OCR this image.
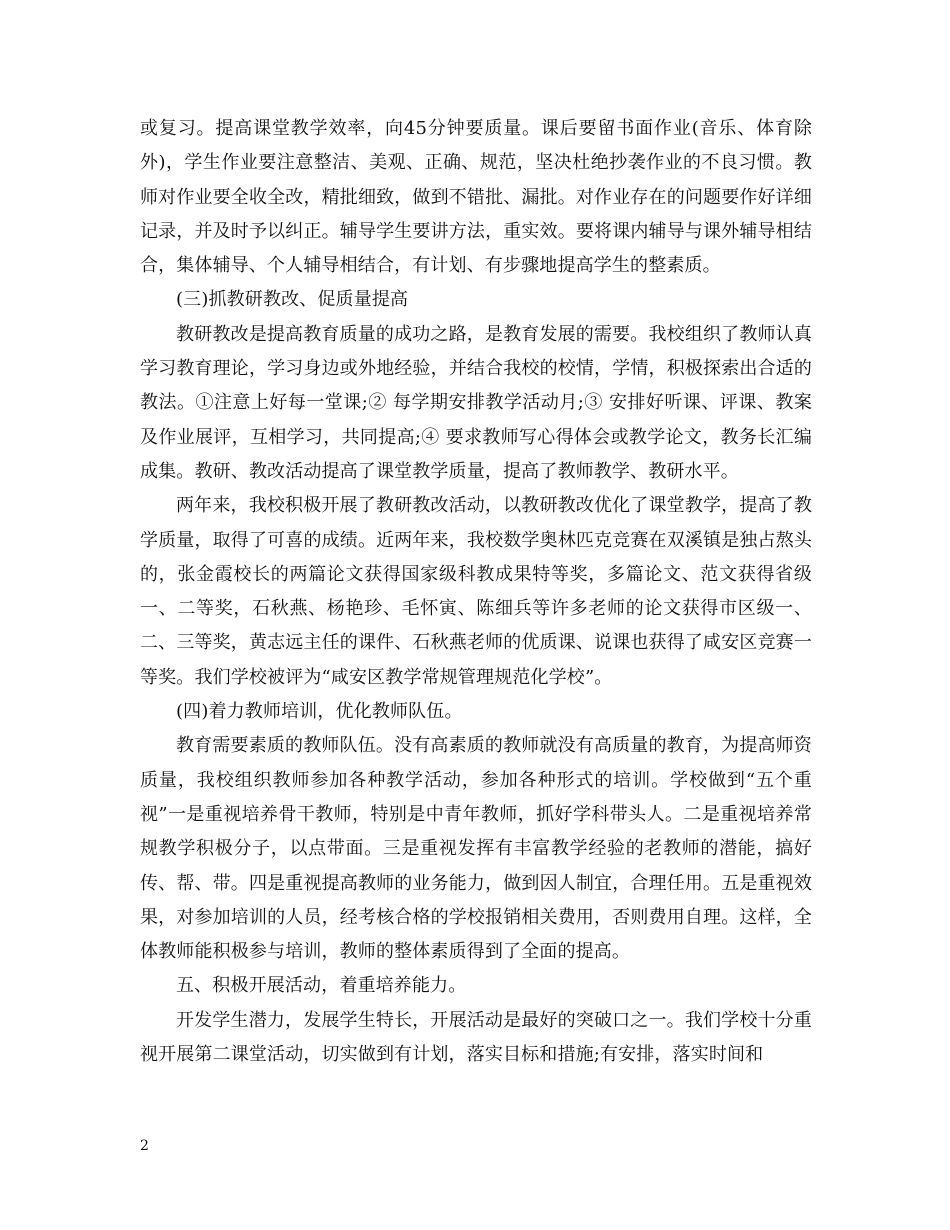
或复习。提高课堂教学效率，向45分钟要质量。课后要留书面作业(音乐、体育除外)，学生作业要注意整洁、美观、正确、规范，坚决杜绝抄袭作业的不良习惯。教师对作业要全收全改，精批细致，做到不错批、漏批。对作业存在的问题要作好详细记录，并及时予以纠正。辅导学生要讲方法，重实效。要将课内辅导与课外辅导相结合，集体辅导、个人辅导相结合，有计划、有步骤地提高学生的整素质。

(三)抓教研教改、促质量提高

教研教改是提高教育质量的成功之路，是教育发展的需要。我校组织了教师认真学习教育理论，学习身边或外地经验，并结合我校的校情，学情，积极探索出合适的教法。①注意上好每一堂课;② 每学期安排教学活动月;③ 安排好听课、评课、教案及作业展评，互相学习，共同提高;④ 要求教师写心得体会或教学论文，教务长汇编成集。教研、教改活动提高了课堂教学质量，提高了教师教学、教研水平。

两年来，我校积极开展了教研教改活动，以教研教改优化了课堂教学，提高了教学质量，取得了可喜的成绩。近两年来，我校数学奥林匹克竞赛在双溪镇是独占熬头的，张金霞校长的两篇论文获得国家级科教成果特等奖，多篇论文、范文获得省级一、二等奖，石秋燕、杨艳珍、毛怀寅、陈细兵等许多老师的论文获得市区级一、二、三等奖，黄志远主任的课件、石秋燕老师的优质课、说课也获得了咸安区竞赛一等奖。我们学校被评为“咸安区教学常规管理规范化学校”。

(四)着力教师培训，优化教师队伍。

教育需要素质的教师队伍。没有高素质的教师就没有高质量的教育，为提高师资质量，我校组织教师参加各种教学活动，参加各种形式的培训。学校做到“五个重视”一是重视培养骨干教师，特别是中青年教师，抓好学科带头人。二是重视培养常规教学积极分子，以点带面。三是重视发挥有丰富教学经验的老教师的潜能，搞好传、帮、带。四是重视提高教师的业务能力，做到因人制宜，合理任用。五是重视效果，对参加培训的人员，经考核合格的学校报销相关费用，否则费用自理。这样，全体教师能积极参与培训，教师的整体素质得到了全面的提高。

五、积极开展活动，着重培养能力。

开发学生潜力，发展学生特长，开展活动是最好的突破口之一。我们学校十分重视开展第二课堂活动，切实做到有计划，落实目标和措施;有安排，落实时间和

2
